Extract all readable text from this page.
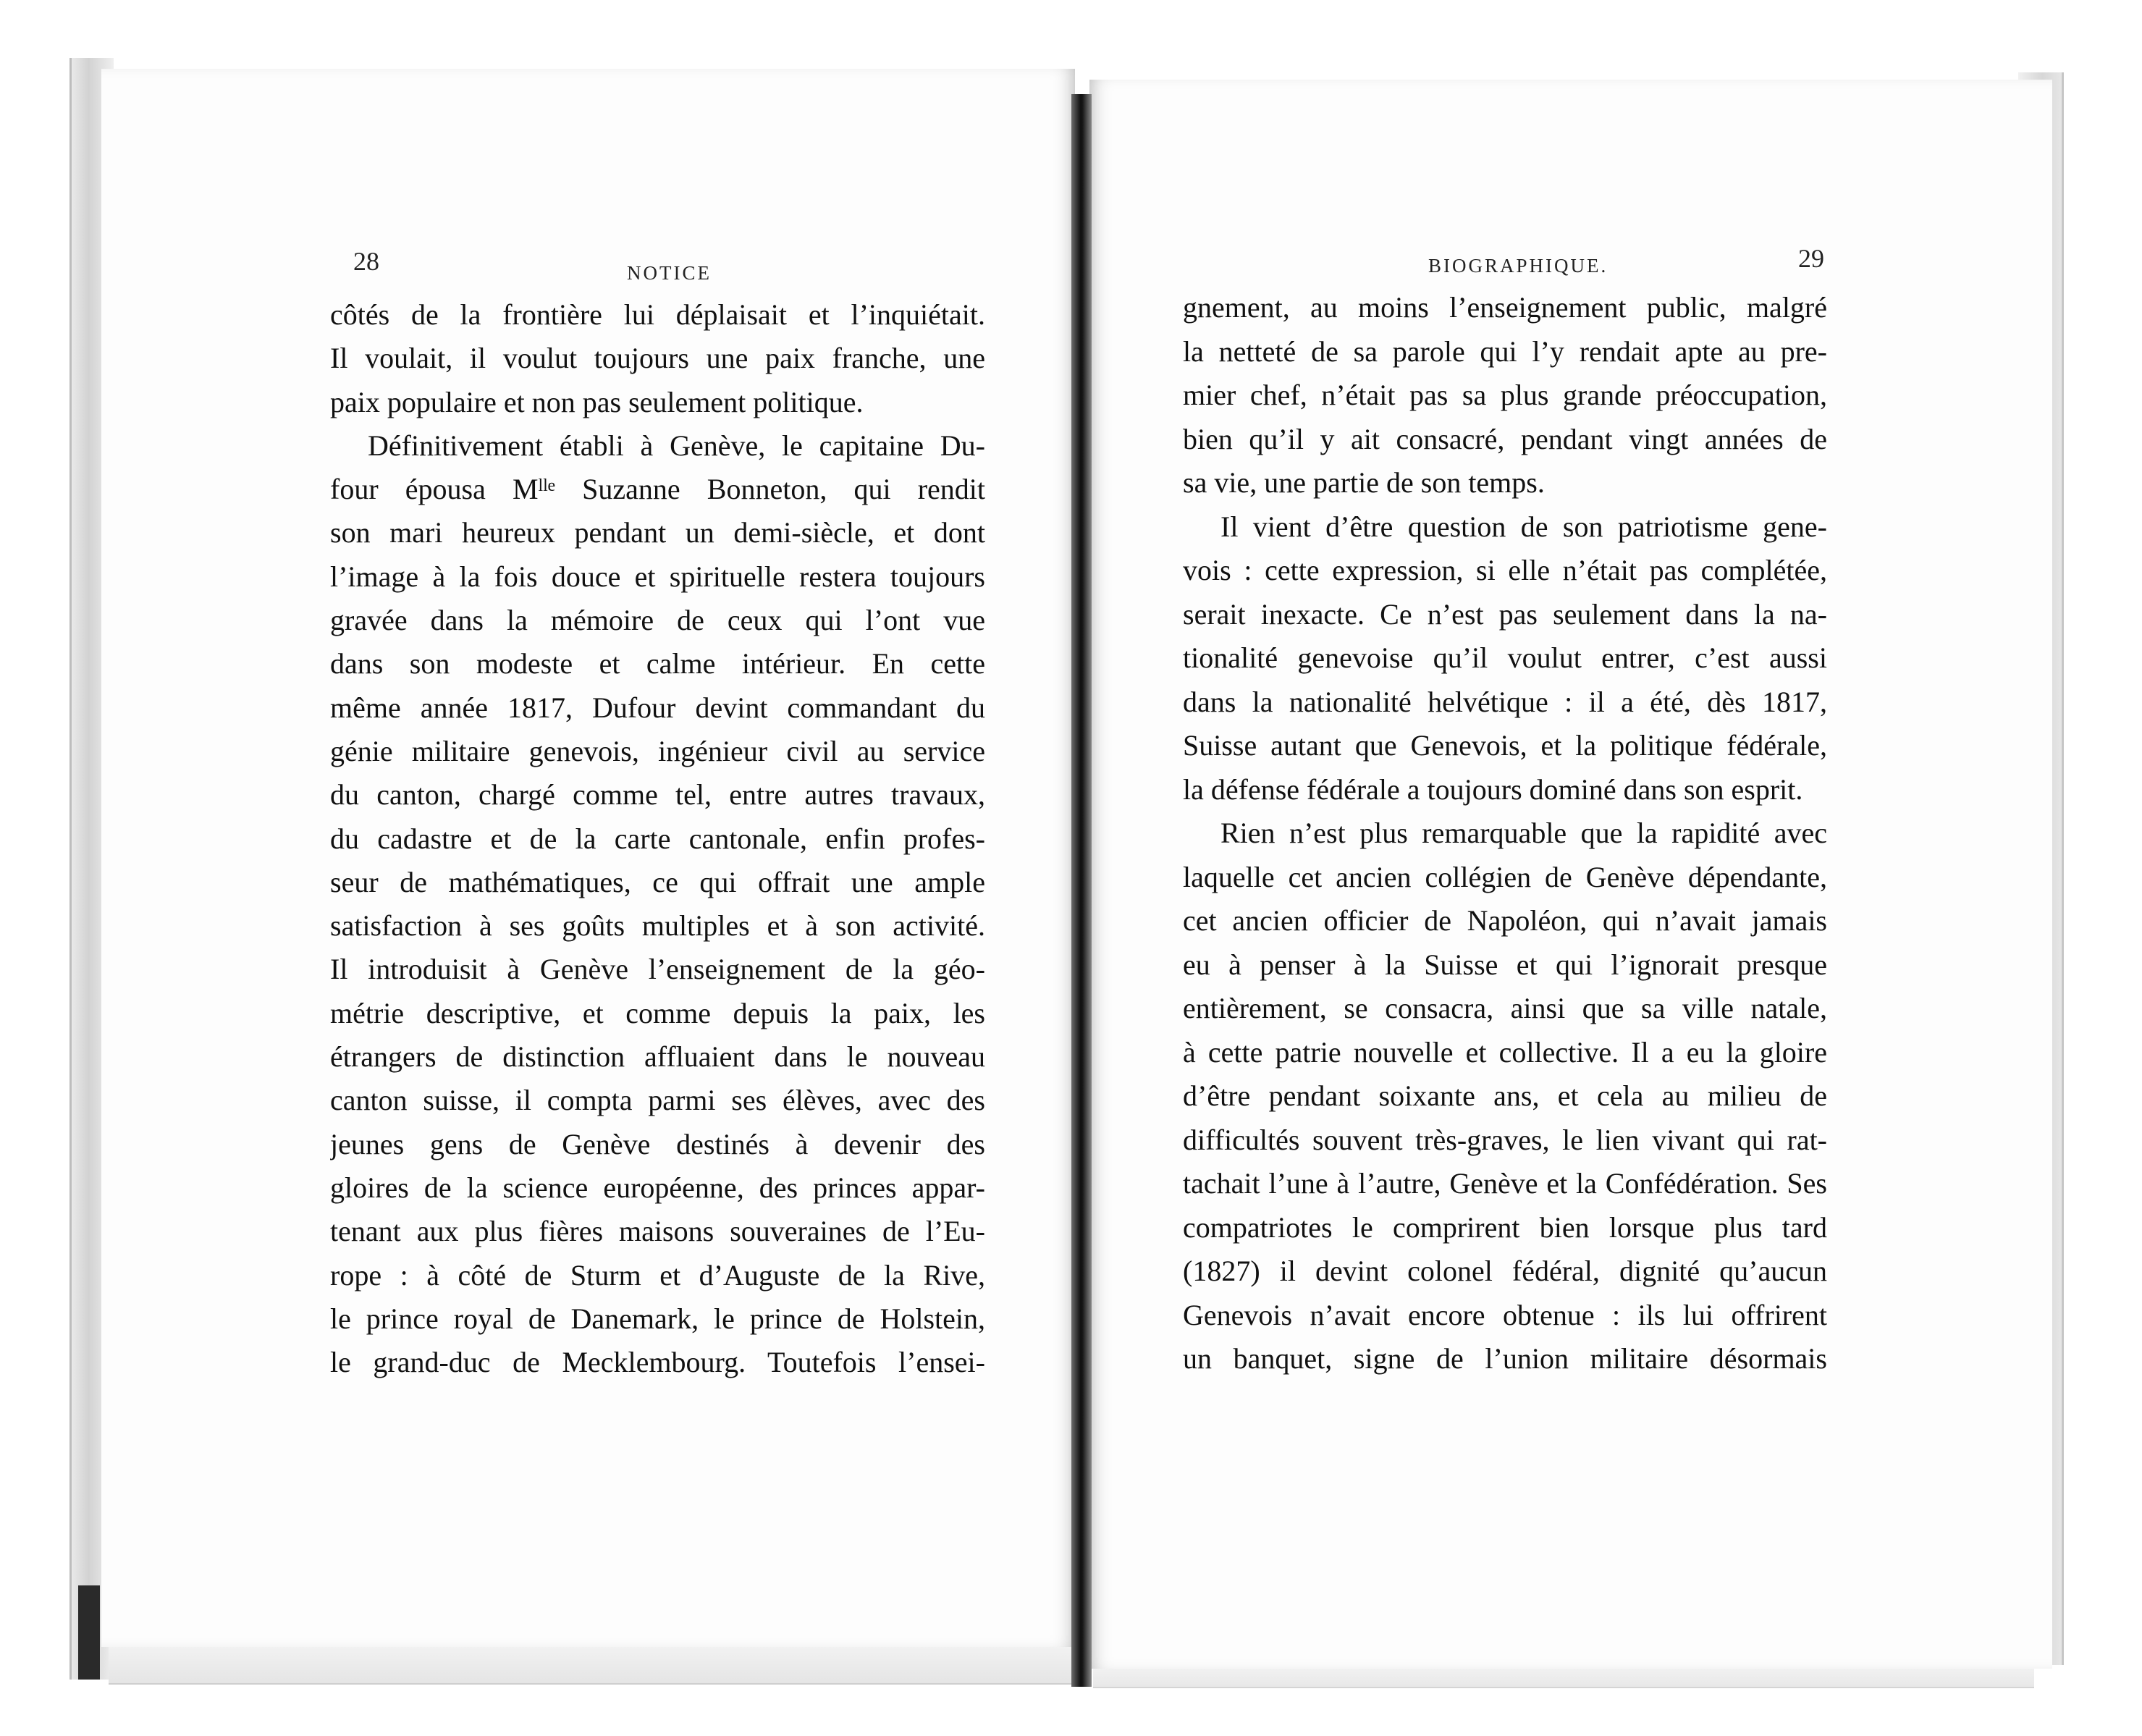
28	NOTICE	BIOGRAPHIQUE.	29
côtés de la frontière lui déplaisait et l’inquiétait.
Il voulait, il voulut toujours une paix franche, une
paix populaire et non pas seulement politique.
Définitivement établi à Genève, le capitaine Du-
four épousa Mˡˡᵉ Suzanne Bonneton, qui rendit
son mari heureux pendant un demi-siècle, et dont
l’image à la fois douce et spirituelle restera toujours
gravée dans la mémoire de ceux qui l’ont vue
dans son modeste et calme intérieur. En cette
même année 1817, Dufour devint commandant du
génie militaire genevois, ingénieur civil au service
du canton, chargé comme tel, entre autres travaux,
du cadastre et de la carte cantonale, enfin profes-
seur de mathématiques, ce qui offrait une ample
satisfaction à ses goûts multiples et à son activité.
Il introduisit à Genève l’enseignement de la géo-
métrie descriptive, et comme depuis la paix, les
étrangers de distinction affluaient dans le nouveau
canton suisse, il compta parmi ses élèves, avec des
jeunes gens de Genève destinés à devenir des
gloires de la science européenne, des princes appar-
tenant aux plus fières maisons souveraines de l’Eu-
rope : à côté de Sturm et d’Auguste de la Rive,
le prince royal de Danemark, le prince de Holstein,
le grand-duc de Mecklembourg. Toutefois l’ensei-
gnement, au moins l’enseignement public, malgré
la netteté de sa parole qui l’y rendait apte au pre-
mier chef, n’était pas sa plus grande préoccupation,
bien qu’il y ait consacré, pendant vingt années de
sa vie, une partie de son temps.
Il vient d’être question de son patriotisme gene-
vois : cette expression, si elle n’était pas complétée,
serait inexacte. Ce n’est pas seulement dans la na-
tionalité genevoise qu’il voulut entrer, c’est aussi
dans la nationalité helvétique : il a été, dès 1817,
Suisse autant que Genevois, et la politique fédérale,
la défense fédérale a toujours dominé dans son esprit.
Rien n’est plus remarquable que la rapidité avec
laquelle cet ancien collégien de Genève dépendante,
cet ancien officier de Napoléon, qui n’avait jamais
eu à penser à la Suisse et qui l’ignorait presque
entièrement, se consacra, ainsi que sa ville natale,
à cette patrie nouvelle et collective. Il a eu la gloire
d’être pendant soixante ans, et cela au milieu de
difficultés souvent très-graves, le lien vivant qui rat-
tachait l’une à l’autre, Genève et la Confédération. Ses
compatriotes le comprirent bien lorsque plus tard
(1827) il devint colonel fédéral, dignité qu’aucun
Genevois n’avait encore obtenue : ils lui offrirent
un banquet, signe de l’union militaire désormais
